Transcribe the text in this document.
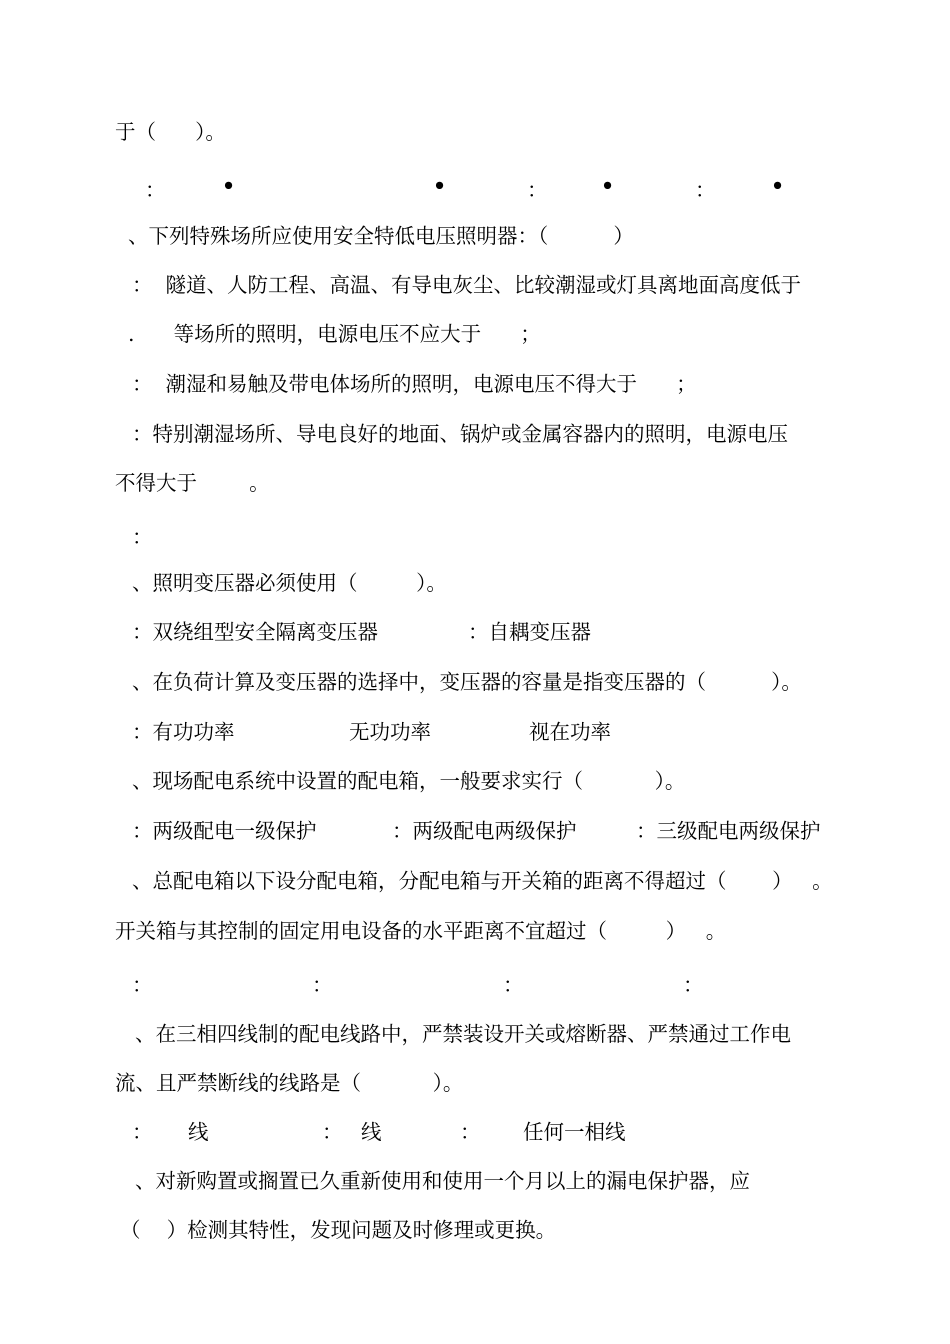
于（      ）。
：	•	•	：	•	：	•
、下列特殊场所应使用安全特低电压照明器：（          ）
：  隧道、人防工程、高温、有导电灰尘、比较潮湿或灯具离地面高度低于
.      等场所的照明，电源电压不应大于      ；
：  潮湿和易触及带电体场所的照明，电源电压不得大于      ；
：特别潮湿场所、导电良好的地面、锅炉或金属容器内的照明，电源电压
不得大于        。
：
、照明变压器必须使用（         ）。
：双绕组型安全隔离变压器	：自耦变压器
、在负荷计算及变压器的选择中，变压器的容量是指变压器的（          ）。
：有功功率	无功功率	视在功率
、现场配电系统中设置的配电箱，一般要求实行（           ）。
：两级配电一级保护	：两级配电两级保护	：三级配电两级保护
、总配电箱以下设分配电箱，分配电箱与开关箱的距离不得超过（       ）   。
开关箱与其控制的固定用电设备的水平距离不宜超过（         ）   。
：	：	：	：
、在三相四线制的配电线路中，严禁装设开关或熔断器、严禁通过工作电
流、且严禁断线的线路是（           ）。
： 线	： 线	： 任何一相线
、对新购置或搁置已久重新使用和使用一个月以上的漏电保护器，应
（    ）检测其特性，发现问题及时修理或更换。
